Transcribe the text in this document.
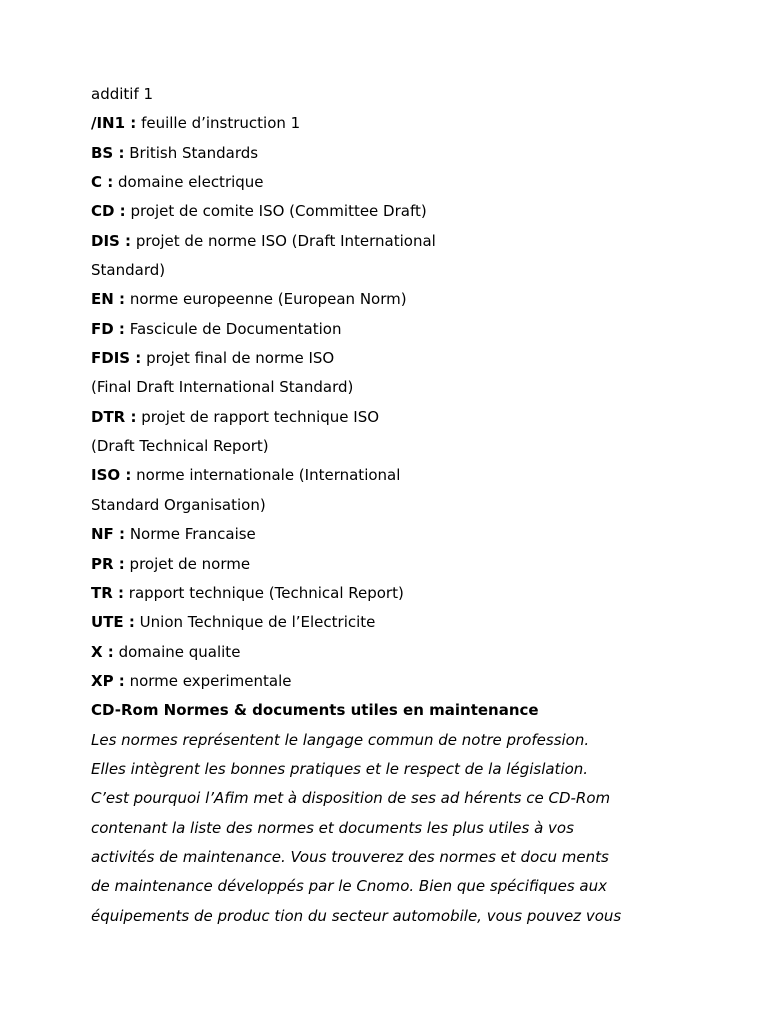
additif 1
/IN1 : feuille d’instruction 1
BS : British Standards
C : domaine electrique
CD : projet de comite ISO (Committee Draft)
DIS : projet de norme ISO (Draft International
Standard)
EN : norme europeenne (European Norm)
FD : Fascicule de Documentation
FDIS : projet final de norme ISO
(Final Draft International Standard)
DTR : projet de rapport technique ISO
(Draft Technical Report)
ISO : norme internationale (International
Standard Organisation)
NF : Norme Francaise
PR : projet de norme
TR : rapport technique (Technical Report)
UTE : Union Technique de l’Electricite
X : domaine qualite
XP : norme experimentale
CD-Rom Normes & documents utiles en maintenance
Les normes représentent le langage commun de notre profession.
Elles intègrent les bonnes pratiques et le respect de la législation.
C’est pourquoi l’Afim met à disposition de ses ad hérents ce CD-Rom
contenant la liste des normes et documents les plus utiles à vos
activités de maintenance. Vous trouverez des normes et docu ments
de maintenance développés par le Cnomo. Bien que spécifiques aux
équipements de produc tion du secteur automobile, vous pouvez vous
